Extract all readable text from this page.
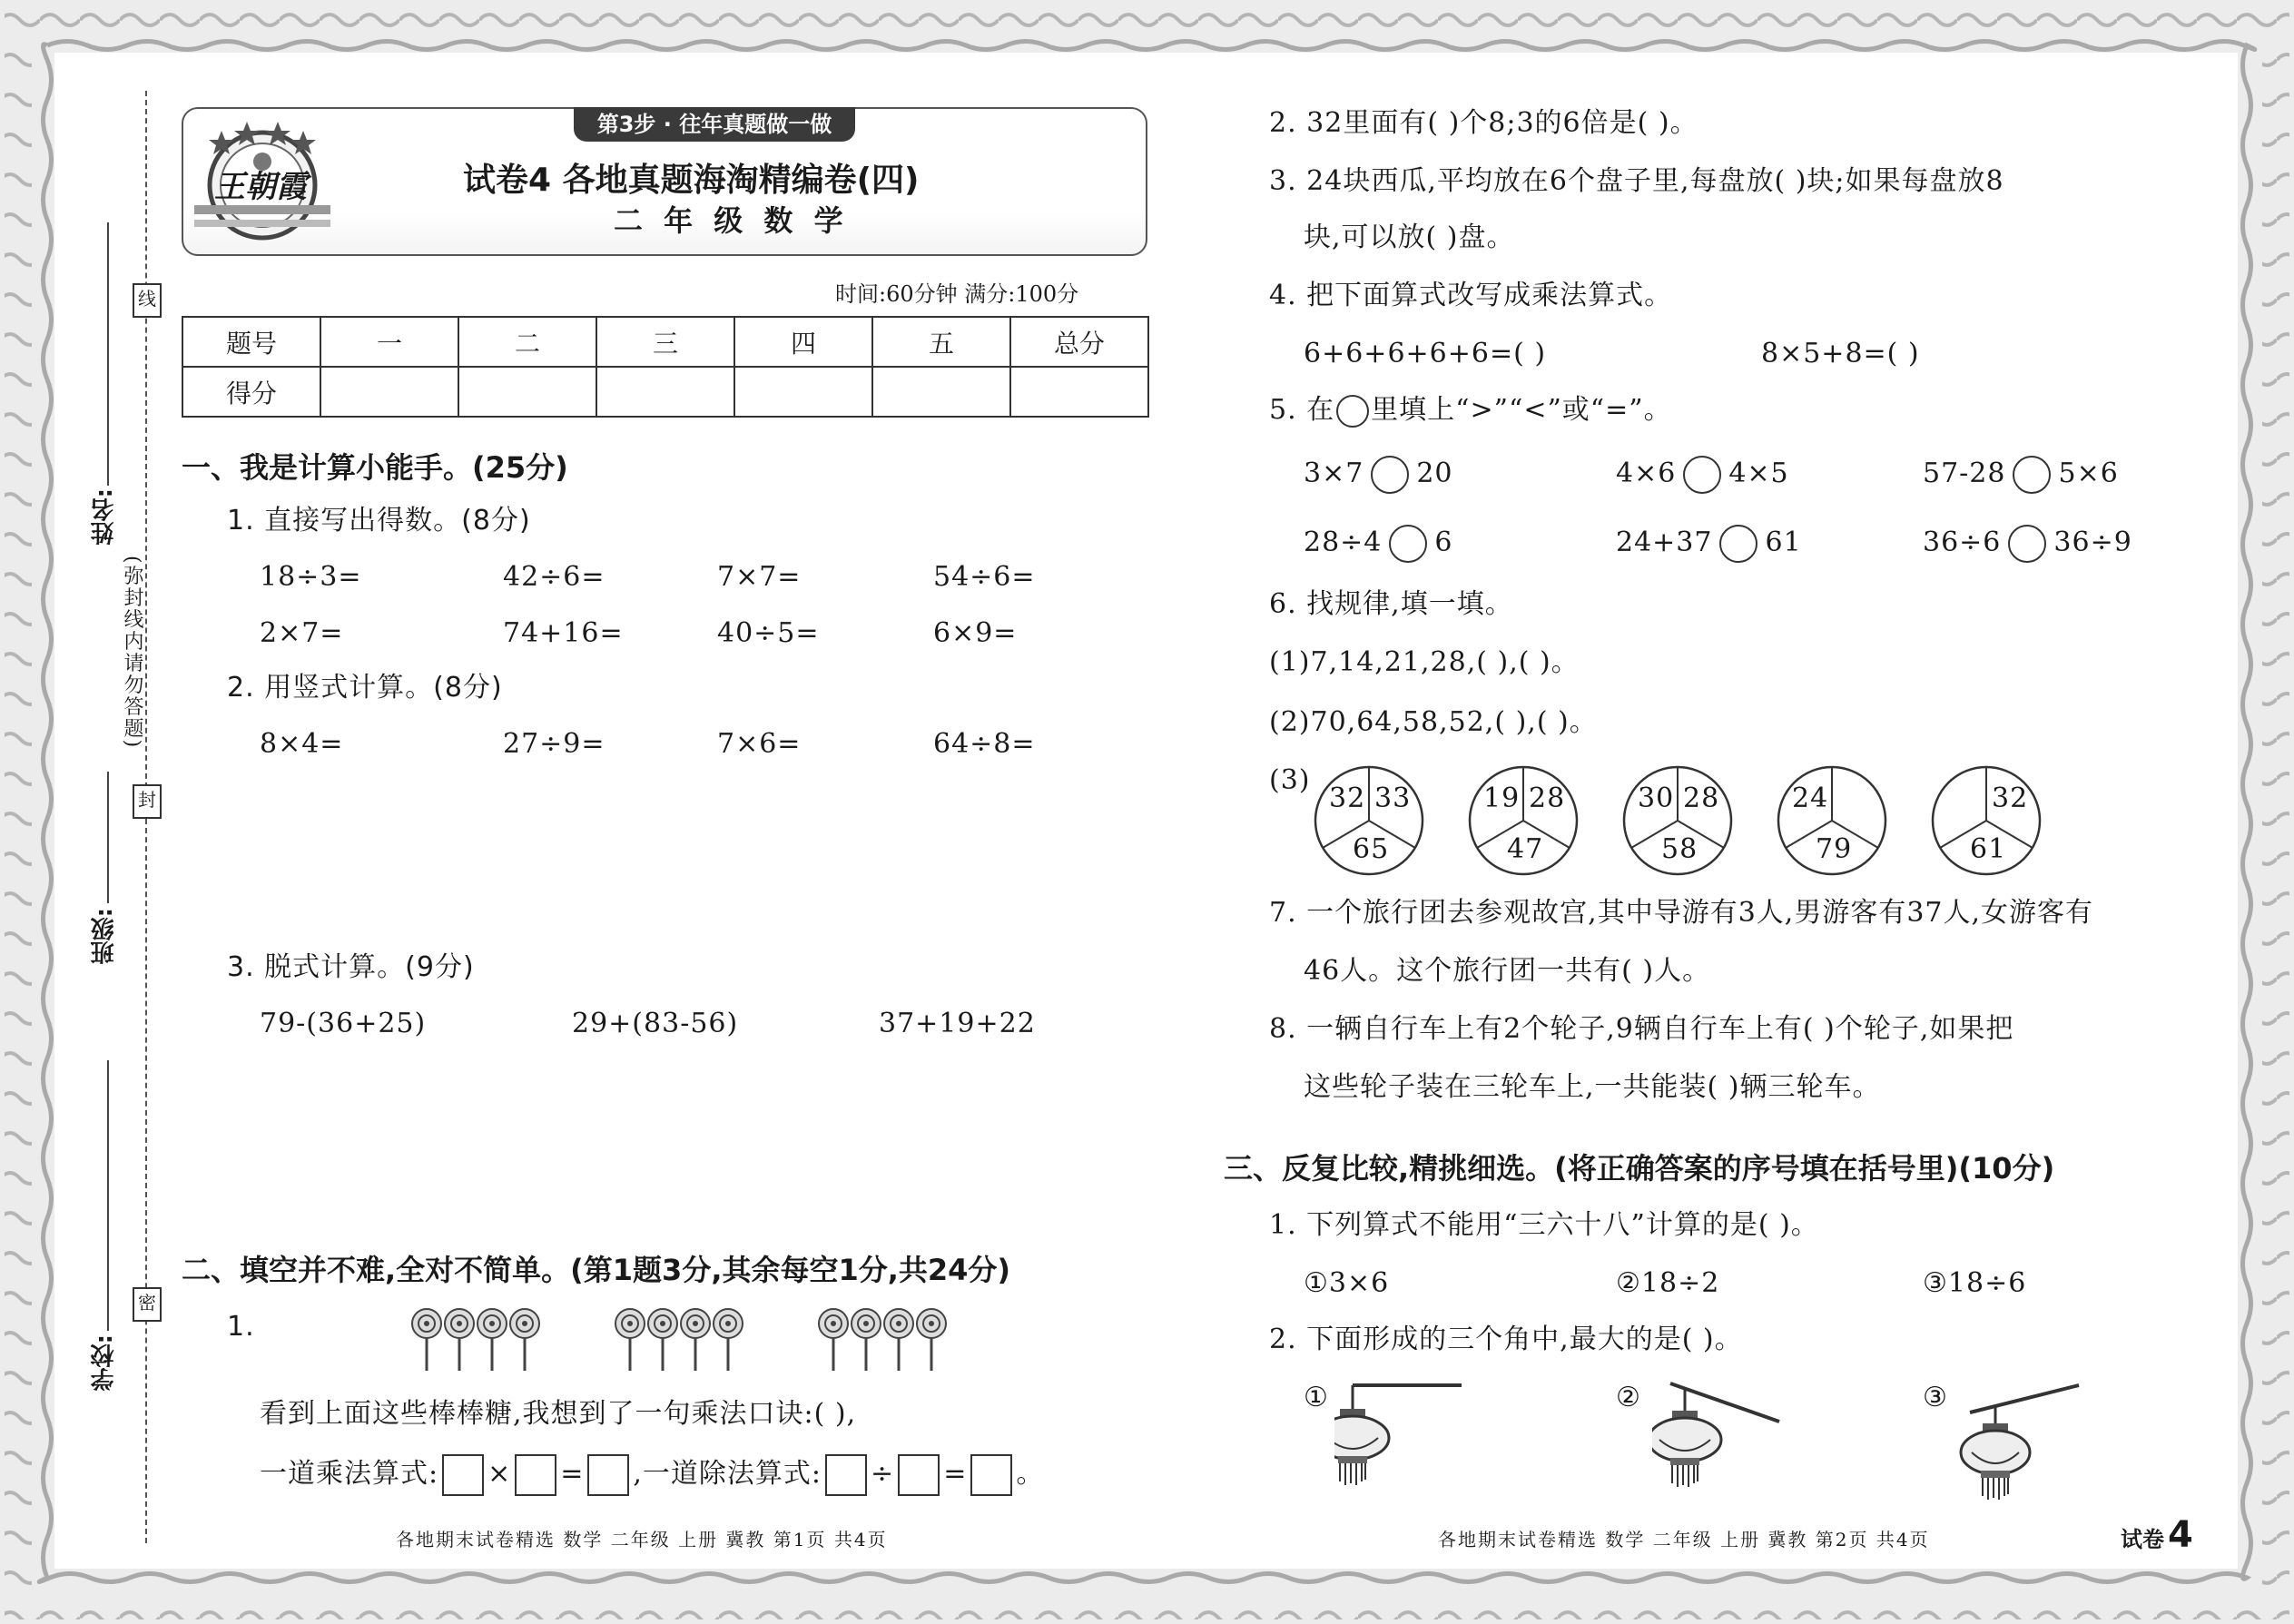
线
封
密
(弥封线内请勿答题)
姓名:
班级:
学校:
第3步 · 往年真题做一做
王朝霞	试卷4 各地真题海淘精编卷(四)
二 年 级 数 学
时间:60分钟 满分:100分
题号	一	二	三	四	五	总分
得分						
一、我是计算小能手。(25分)
1. 直接写出得数。(8分)
18÷3=	42÷6=	7×7=	54÷6=
2×7=	74+16=	40÷5=	6×9=
2. 用竖式计算。(8分)
8×4=	27÷9=	7×6=	64÷8=
3. 脱式计算。(9分)
79-(36+25)	29+(83-56)	37+19+22
二、填空并不难,全对不简单。(第1题3分,其余每空1分,共24分)
1.
看到上面这些棒棒糖,我想到了一句乘法口诀:( ),
一道乘法算式: × = ,一道除法算式: ÷ = 。
各地期末试卷精选 数学 二年级 上册 冀教 第1页 共4页
2. 32里面有( )个8;3的6倍是( )。
3. 24块西瓜,平均放在6个盘子里,每盘放( )块;如果每盘放8
块,可以放( )盘。
4. 把下面算式改写成乘法算式。
6+6+6+6+6=( )	8×5+8=( )
5. 在 里填上“>”“<”或“=”。
3×7 20	4×6 4×5	57-28 5×6
28÷4 6	24+37 61	36÷6 36÷9
6. 找规律,填一填。
(1)7,14,21,28,( ),( )。
(2)70,64,58,52,( ),( )。
(3)
32 33
65
19 28
47
30 28
58
24
79
32
61
7. 一个旅行团去参观故宫,其中导游有3人,男游客有37人,女游客有
46人。这个旅行团一共有( )人。
8. 一辆自行车上有2个轮子,9辆自行车上有( )个轮子,如果把
这些轮子装在三轮车上,一共能装( )辆三轮车。
三、反复比较,精挑细选。(将正确答案的序号填在括号里)(10分)
1. 下列算式不能用“三六十八”计算的是( )。
①3×6	②18÷2	③18÷6
2. 下面形成的三个角中,最大的是( )。
①	②	③
各地期末试卷精选 数学 二年级 上册 冀教 第2页 共4页	试卷 4
